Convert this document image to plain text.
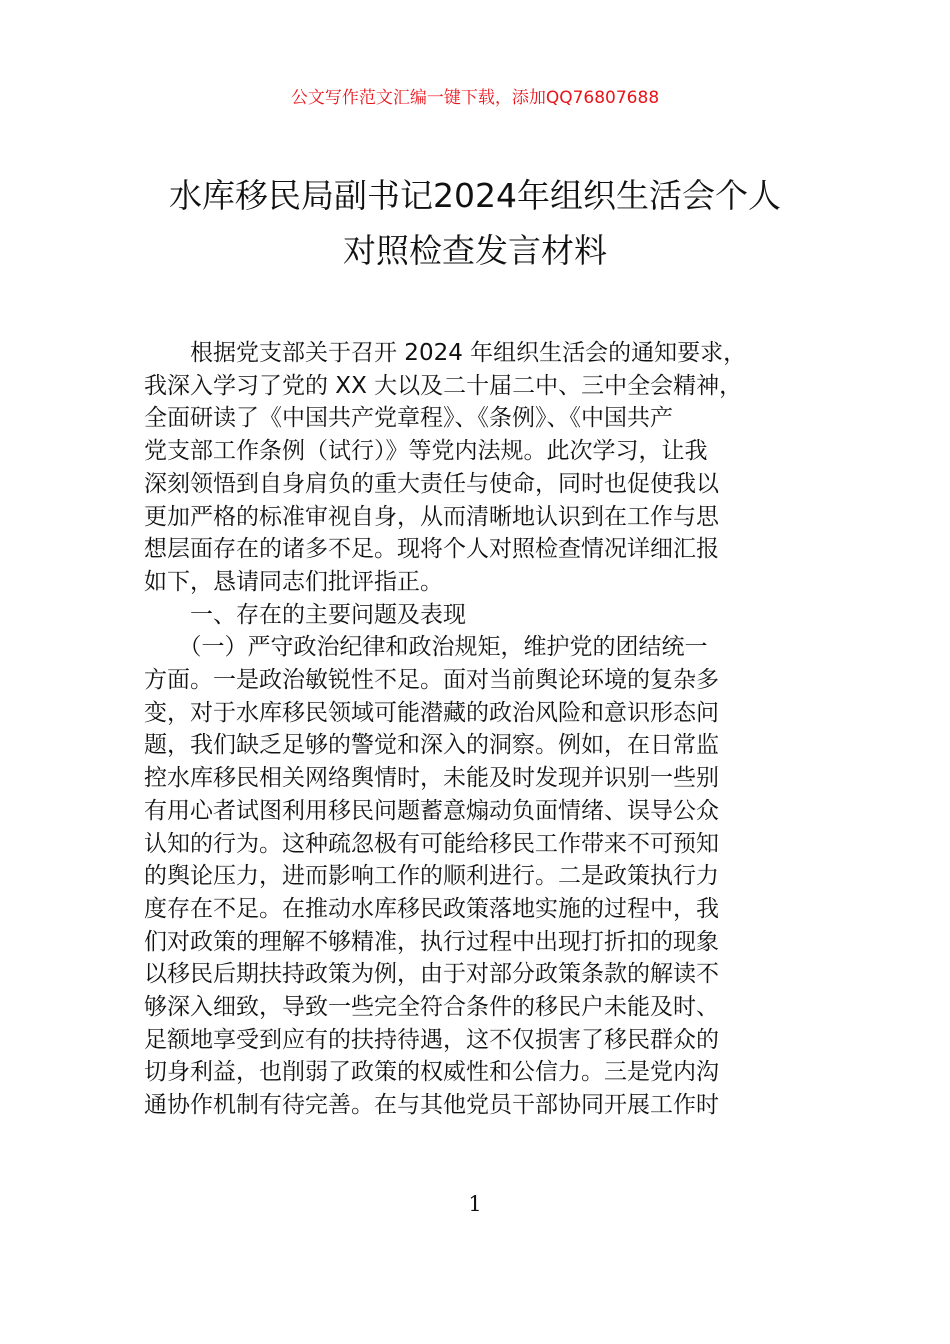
公文写作范文汇编一键下载，添加QQ76807688
水库移民局副书记2024年组织生活会个人
对照检查发言材料
　　根据党支部关于召开 2024 年组织生活会的通知要求，
我深入学习了党的 XX 大以及二十届二中、三中全会精神，
全面研读了《中国共产党章程》、《条例》、《中国共产
党支部工作条例（试行）》等党内法规。此次学习，让我
深刻领悟到自身肩负的重大责任与使命，同时也促使我以
更加严格的标准审视自身，从而清晰地认识到在工作与思
想层面存在的诸多不足。现将个人对照检查情况详细汇报
如下，恳请同志们批评指正。
　　一、存在的主要问题及表现
　　（一）严守政治纪律和政治规矩，维护党的团结统一
方面。一是政治敏锐性不足。面对当前舆论环境的复杂多
变，对于水库移民领域可能潜藏的政治风险和意识形态问
题，我们缺乏足够的警觉和深入的洞察。例如，在日常监
控水库移民相关网络舆情时，未能及时发现并识别一些别
有用心者试图利用移民问题蓄意煽动负面情绪、误导公众
认知的行为。这种疏忽极有可能给移民工作带来不可预知
的舆论压力，进而影响工作的顺利进行。二是政策执行力
度存在不足。在推动水库移民政策落地实施的过程中，我
们对政策的理解不够精准，执行过程中出现打折扣的现象
以移民后期扶持政策为例，由于对部分政策条款的解读不
够深入细致，导致一些完全符合条件的移民户未能及时、
足额地享受到应有的扶持待遇，这不仅损害了移民群众的
切身利益，也削弱了政策的权威性和公信力。三是党内沟
通协作机制有待完善。在与其他党员干部协同开展工作时
1
